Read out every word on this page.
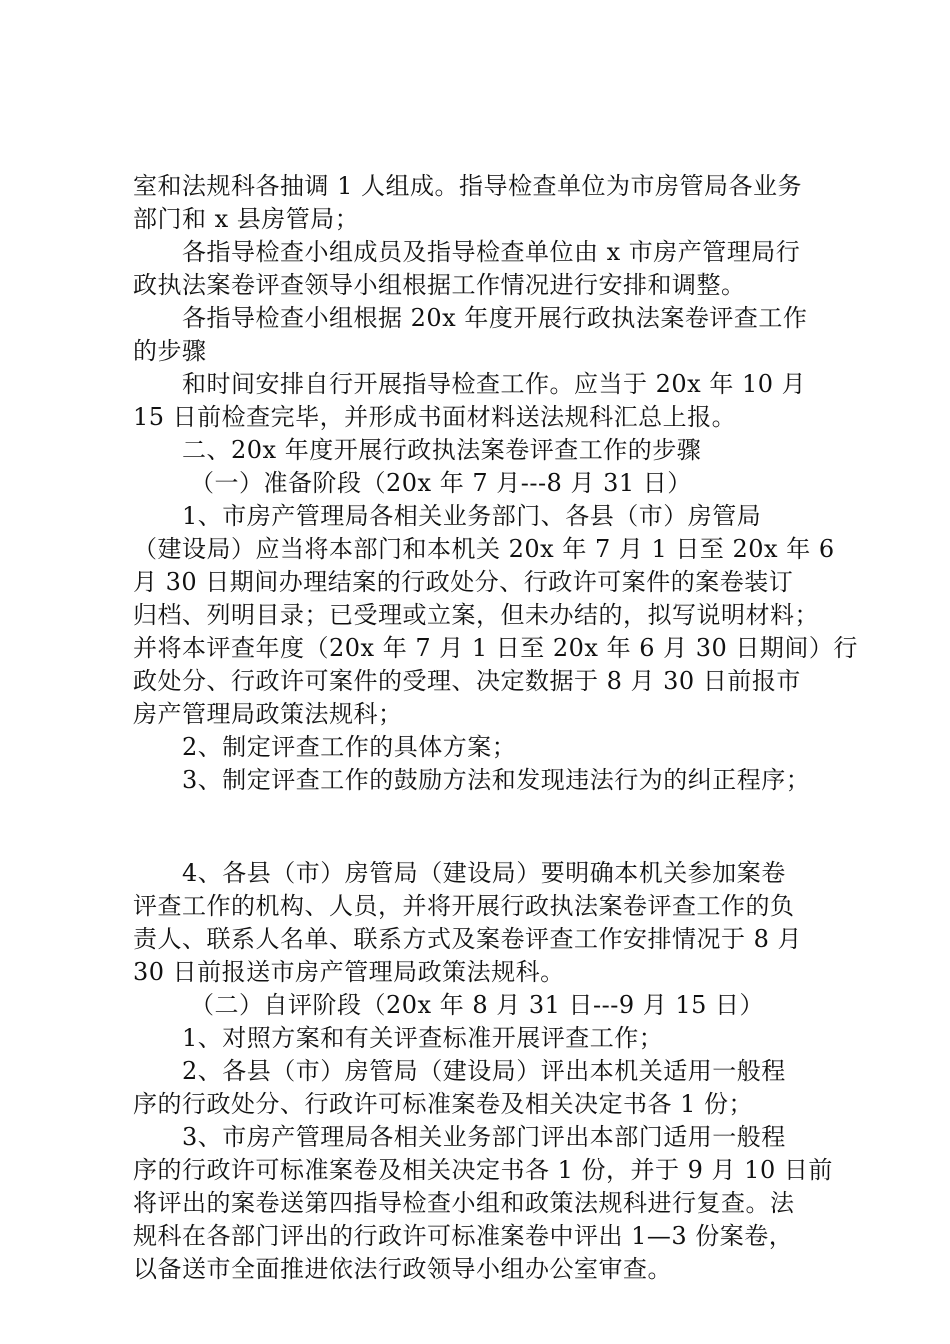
室和法规科各抽调 1 人组成。指导检查单位为市房管局各业务
部门和 x 县房管局；
各指导检查小组成员及指导检查单位由 x 市房产管理局行
政执法案卷评查领导小组根据工作情况进行安排和调整。
各指导检查小组根据 20x 年度开展行政执法案卷评查工作
的步骤
和时间安排自行开展指导检查工作。应当于 20x 年 10 月
15 日前检查完毕，并形成书面材料送法规科汇总上报。
二、20x 年度开展行政执法案卷评查工作的步骤
（一）准备阶段（20x 年 7 月---8 月 31 日）
1、市房产管理局各相关业务部门、各县（市）房管局
（建设局）应当将本部门和本机关 20x 年 7 月 1 日至 20x 年 6
月 30 日期间办理结案的行政处分、行政许可案件的案卷装订
归档、列明目录；已受理或立案，但未办结的，拟写说明材料；
并将本评查年度（20x 年 7 月 1 日至 20x 年 6 月 30 日期间）行
政处分、行政许可案件的受理、决定数据于 8 月 30 日前报市
房产管理局政策法规科；
2、制定评查工作的具体方案；
3、制定评查工作的鼓励方法和发现违法行为的纠正程序；
4、各县（市）房管局（建设局）要明确本机关参加案卷
评查工作的机构、人员，并将开展行政执法案卷评查工作的负
责人、联系人名单、联系方式及案卷评查工作安排情况于 8 月
30 日前报送市房产管理局政策法规科。
（二）自评阶段（20x 年 8 月 31 日---9 月 15 日）
1、对照方案和有关评查标准开展评查工作；
2、各县（市）房管局（建设局）评出本机关适用一般程
序的行政处分、行政许可标准案卷及相关决定书各 1 份；
3、市房产管理局各相关业务部门评出本部门适用一般程
序的行政许可标准案卷及相关决定书各 1 份，并于 9 月 10 日前
将评出的案卷送第四指导检查小组和政策法规科进行复查。法
规科在各部门评出的行政许可标准案卷中评出 1—3 份案卷，
以备送市全面推进依法行政领导小组办公室审查。
